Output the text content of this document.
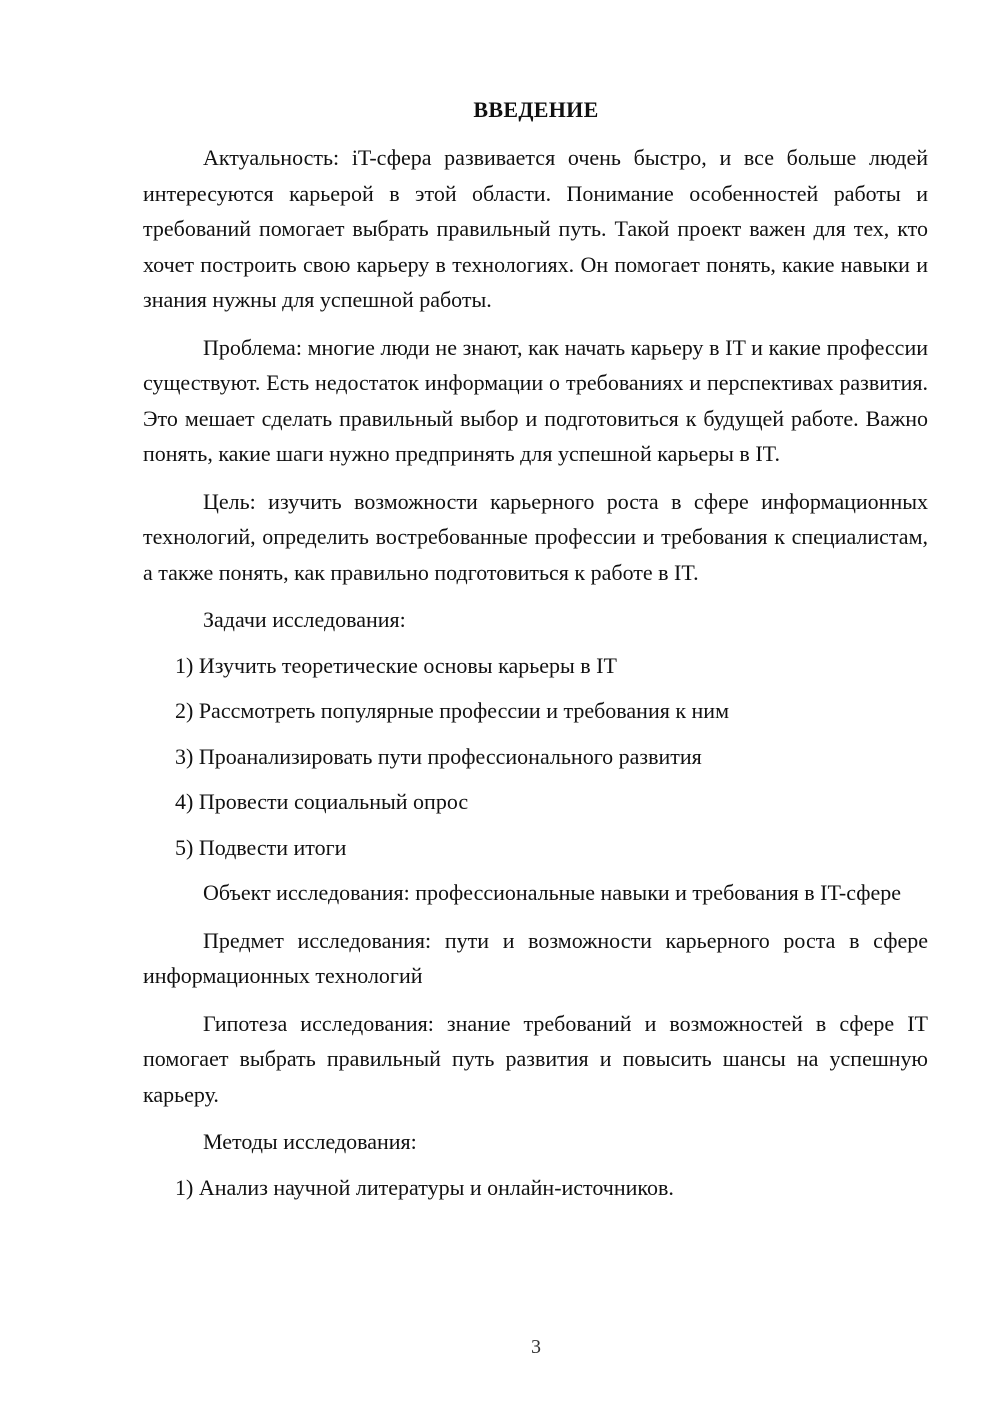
ВВЕДЕНИЕ

Актуальность: iT-сфера развивается очень быстро, и все больше людей интересуются карьерой в этой области. Понимание особенностей работы и требований помогает выбрать правильный путь. Такой проект важен для тех, кто хочет построить свою карьеру в технологиях. Он помогает понять, какие навыки и знания нужны для успешной работы.

Проблема: многие люди не знают, как начать карьеру в IT и какие профессии существуют. Есть недостаток информации о требованиях и перспективах развития. Это мешает сделать правильный выбор и подготовиться к будущей работе. Важно понять, какие шаги нужно предпринять для успешной карьеры в IT.

Цель: изучить возможности карьерного роста в сфере информационных технологий, определить востребованные профессии и требования к специалистам, а также понять, как правильно подготовиться к работе в IT.

Задачи исследования:
1) Изучить теоретические основы карьеры в IT
2) Рассмотреть популярные профессии и требования к ним
3) Проанализировать пути профессионального развития
4) Провести социальный опрос
5) Подвести итоги

Объект исследования: профессиональные навыки и требования в IT-сфере

Предмет исследования: пути и возможности карьерного роста в сфере информационных технологий

Гипотеза исследования: знание требований и возможностей в сфере IT помогает выбрать правильный путь развития и повысить шансы на успешную карьеру.

Методы исследования:
1) Анализ научной литературы и онлайн-источников.
3
